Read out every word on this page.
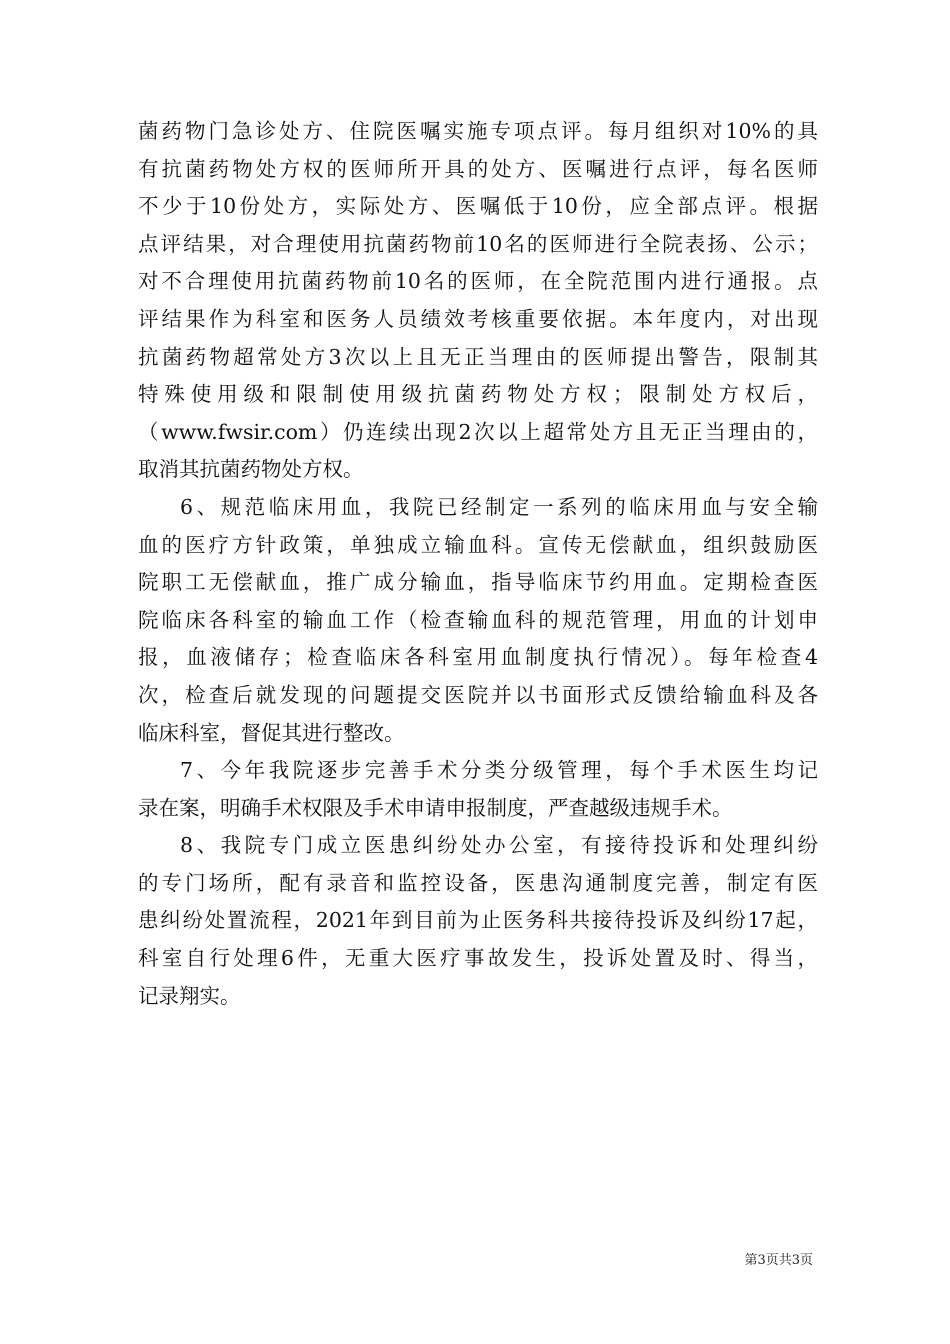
菌药物门急诊处方、住院医嘱实施专项点评。每月组织对10%的具
有抗菌药物处方权的医师所开具的处方、医嘱进行点评，每名医师
不少于10份处方，实际处方、医嘱低于10份，应全部点评。根据
点评结果，对合理使用抗菌药物前10名的医师进行全院表扬、公示；
对不合理使用抗菌药物前10名的医师，在全院范围内进行通报。点
评结果作为科室和医务人员绩效考核重要依据。本年度内，对出现
抗菌药物超常处方3次以上且无正当理由的医师提出警告，限制其
特殊使用级和限制使用级抗菌药物处方权；限制处方权后，
（www.fwsir.com）仍连续出现2次以上超常处方且无正当理由的，
取消其抗菌药物处方权。
6、规范临床用血，我院已经制定一系列的临床用血与安全输
血的医疗方针政策，单独成立输血科。宣传无偿献血，组织鼓励医
院职工无偿献血，推广成分输血，指导临床节约用血。定期检查医
院临床各科室的输血工作（检查输血科的规范管理，用血的计划申
报，血液储存；检查临床各科室用血制度执行情况）。每年检查4
次，检查后就发现的问题提交医院并以书面形式反馈给输血科及各
临床科室，督促其进行整改。
7、今年我院逐步完善手术分类分级管理，每个手术医生均记
录在案，明确手术权限及手术申请申报制度，严查越级违规手术。
8、我院专门成立医患纠纷处办公室，有接待投诉和处理纠纷
的专门场所，配有录音和监控设备，医患沟通制度完善，制定有医
患纠纷处置流程，2021年到目前为止医务科共接待投诉及纠纷17起，
科室自行处理6件，无重大医疗事故发生，投诉处置及时、得当，
记录翔实。
第3页共3页
